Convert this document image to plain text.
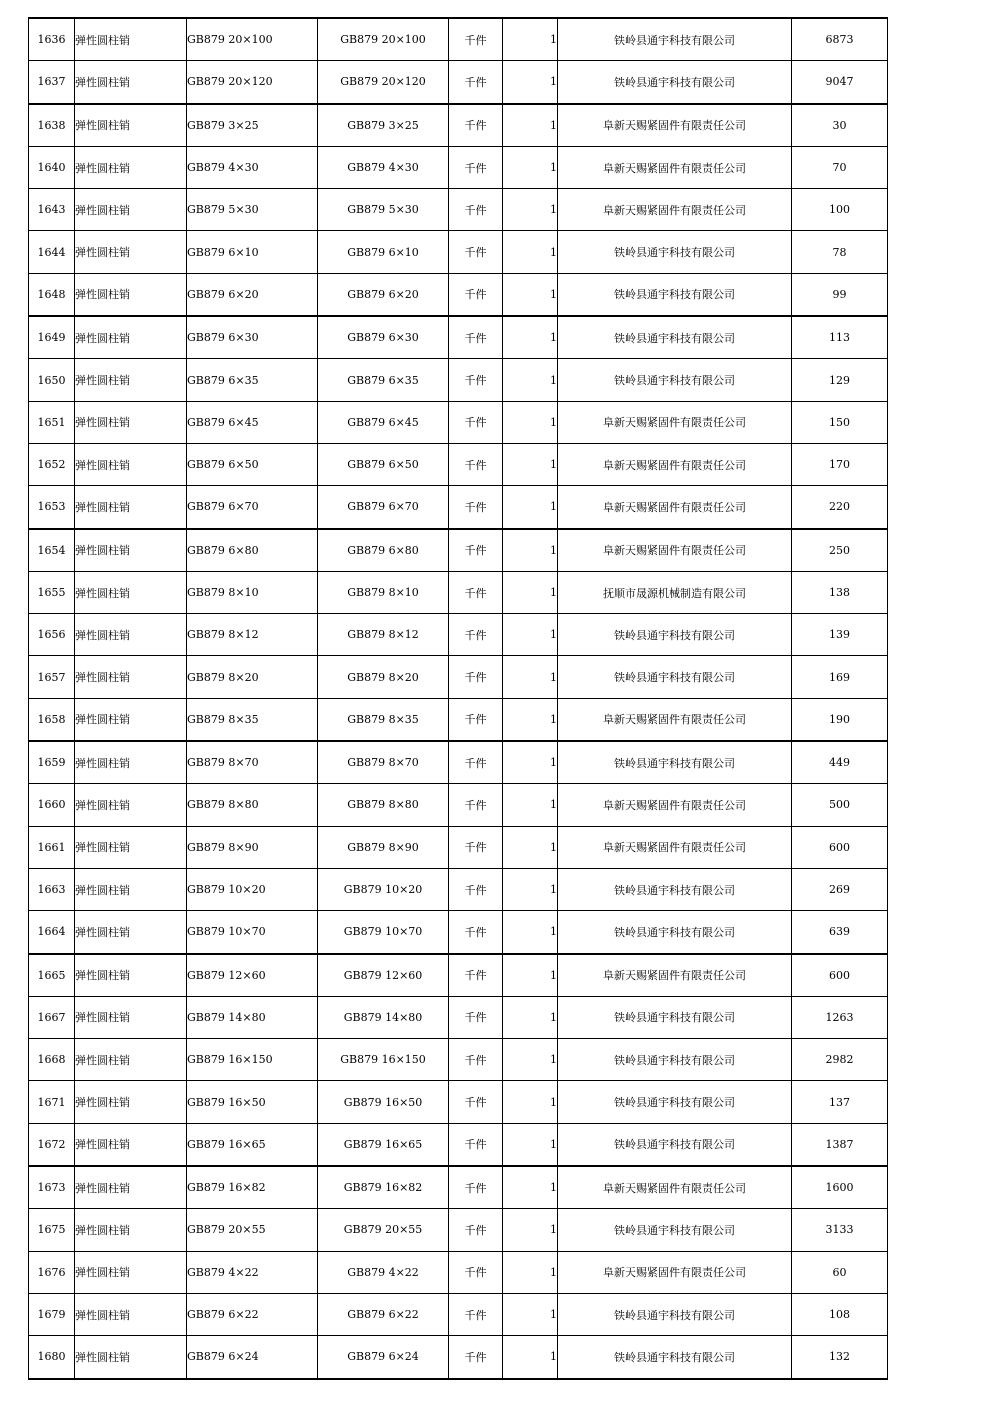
1636	弹性圆柱销	GB879 20×100	GB879 20×100	千件	1	铁岭县通宇科技有限公司	6873
1637	弹性圆柱销	GB879 20×120	GB879 20×120	千件	1	铁岭县通宇科技有限公司	9047
1638	弹性圆柱销	GB879 3×25	GB879 3×25	千件	1	阜新天赐紧固件有限责任公司	30
1640	弹性圆柱销	GB879 4×30	GB879 4×30	千件	1	阜新天赐紧固件有限责任公司	70
1643	弹性圆柱销	GB879 5×30	GB879 5×30	千件	1	阜新天赐紧固件有限责任公司	100
1644	弹性圆柱销	GB879 6×10	GB879 6×10	千件	1	铁岭县通宇科技有限公司	78
1648	弹性圆柱销	GB879 6×20	GB879 6×20	千件	1	铁岭县通宇科技有限公司	99
1649	弹性圆柱销	GB879 6×30	GB879 6×30	千件	1	铁岭县通宇科技有限公司	113
1650	弹性圆柱销	GB879 6×35	GB879 6×35	千件	1	铁岭县通宇科技有限公司	129
1651	弹性圆柱销	GB879 6×45	GB879 6×45	千件	1	阜新天赐紧固件有限责任公司	150
1652	弹性圆柱销	GB879 6×50	GB879 6×50	千件	1	阜新天赐紧固件有限责任公司	170
1653	弹性圆柱销	GB879 6×70	GB879 6×70	千件	1	阜新天赐紧固件有限责任公司	220
1654	弹性圆柱销	GB879 6×80	GB879 6×80	千件	1	阜新天赐紧固件有限责任公司	250
1655	弹性圆柱销	GB879 8×10	GB879 8×10	千件	1	抚顺市晟源机械制造有限公司	138
1656	弹性圆柱销	GB879 8×12	GB879 8×12	千件	1	铁岭县通宇科技有限公司	139
1657	弹性圆柱销	GB879 8×20	GB879 8×20	千件	1	铁岭县通宇科技有限公司	169
1658	弹性圆柱销	GB879 8×35	GB879 8×35	千件	1	阜新天赐紧固件有限责任公司	190
1659	弹性圆柱销	GB879 8×70	GB879 8×70	千件	1	铁岭县通宇科技有限公司	449
1660	弹性圆柱销	GB879 8×80	GB879 8×80	千件	1	阜新天赐紧固件有限责任公司	500
1661	弹性圆柱销	GB879 8×90	GB879 8×90	千件	1	阜新天赐紧固件有限责任公司	600
1663	弹性圆柱销	GB879 10×20	GB879 10×20	千件	1	铁岭县通宇科技有限公司	269
1664	弹性圆柱销	GB879 10×70	GB879 10×70	千件	1	铁岭县通宇科技有限公司	639
1665	弹性圆柱销	GB879 12×60	GB879 12×60	千件	1	阜新天赐紧固件有限责任公司	600
1667	弹性圆柱销	GB879 14×80	GB879 14×80	千件	1	铁岭县通宇科技有限公司	1263
1668	弹性圆柱销	GB879 16×150	GB879 16×150	千件	1	铁岭县通宇科技有限公司	2982
1671	弹性圆柱销	GB879 16×50	GB879 16×50	千件	1	铁岭县通宇科技有限公司	137
1672	弹性圆柱销	GB879 16×65	GB879 16×65	千件	1	铁岭县通宇科技有限公司	1387
1673	弹性圆柱销	GB879 16×82	GB879 16×82	千件	1	阜新天赐紧固件有限责任公司	1600
1675	弹性圆柱销	GB879 20×55	GB879 20×55	千件	1	铁岭县通宇科技有限公司	3133
1676	弹性圆柱销	GB879 4×22	GB879 4×22	千件	1	阜新天赐紧固件有限责任公司	60
1679	弹性圆柱销	GB879 6×22	GB879 6×22	千件	1	铁岭县通宇科技有限公司	108
1680	弹性圆柱销	GB879 6×24	GB879 6×24	千件	1	铁岭县通宇科技有限公司	132
